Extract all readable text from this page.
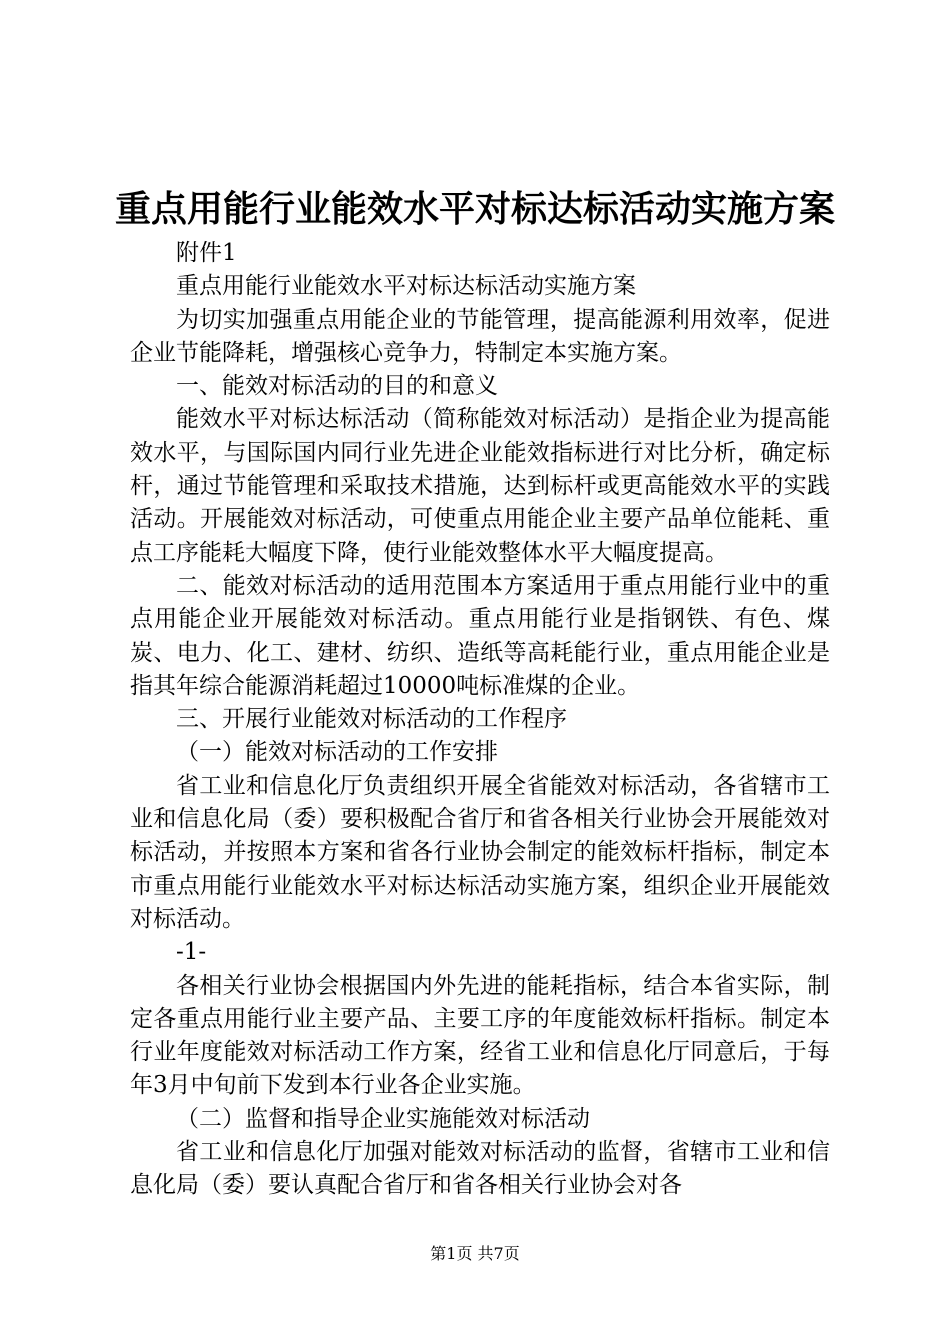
重点用能行业能效水平对标达标活动实施方案

附件1

重点用能行业能效水平对标达标活动实施方案

为切实加强重点用能企业的节能管理，提高能源利用效率，促进企业节能降耗，增强核心竞争力，特制定本实施方案。

一、能效对标活动的目的和意义

能效水平对标达标活动（简称能效对标活动）是指企业为提高能效水平，与国际国内同行业先进企业能效指标进行对比分析，确定标杆，通过节能管理和采取技术措施，达到标杆或更高能效水平的实践活动。开展能效对标活动，可使重点用能企业主要产品单位能耗、重点工序能耗大幅度下降，使行业能效整体水平大幅度提高。

二、能效对标活动的适用范围本方案适用于重点用能行业中的重点用能企业开展能效对标活动。重点用能行业是指钢铁、有色、煤炭、电力、化工、建材、纺织、造纸等高耗能行业，重点用能企业是指其年综合能源消耗超过10000吨标准煤的企业。

三、开展行业能效对标活动的工作程序

（一）能效对标活动的工作安排

省工业和信息化厅负责组织开展全省能效对标活动，各省辖市工业和信息化局（委）要积极配合省厅和省各相关行业协会开展能效对标活动，并按照本方案和省各行业协会制定的能效标杆指标，制定本市重点用能行业能效水平对标达标活动实施方案，组织企业开展能效对标活动。

-1-

各相关行业协会根据国内外先进的能耗指标，结合本省实际，制定各重点用能行业主要产品、主要工序的年度能效标杆指标。制定本行业年度能效对标活动工作方案，经省工业和信息化厅同意后，于每年3月中旬前下发到本行业各企业实施。

（二）监督和指导企业实施能效对标活动

省工业和信息化厅加强对能效对标活动的监督，省辖市工业和信息化局（委）要认真配合省厅和省各相关行业协会对各

第1页 共7页
